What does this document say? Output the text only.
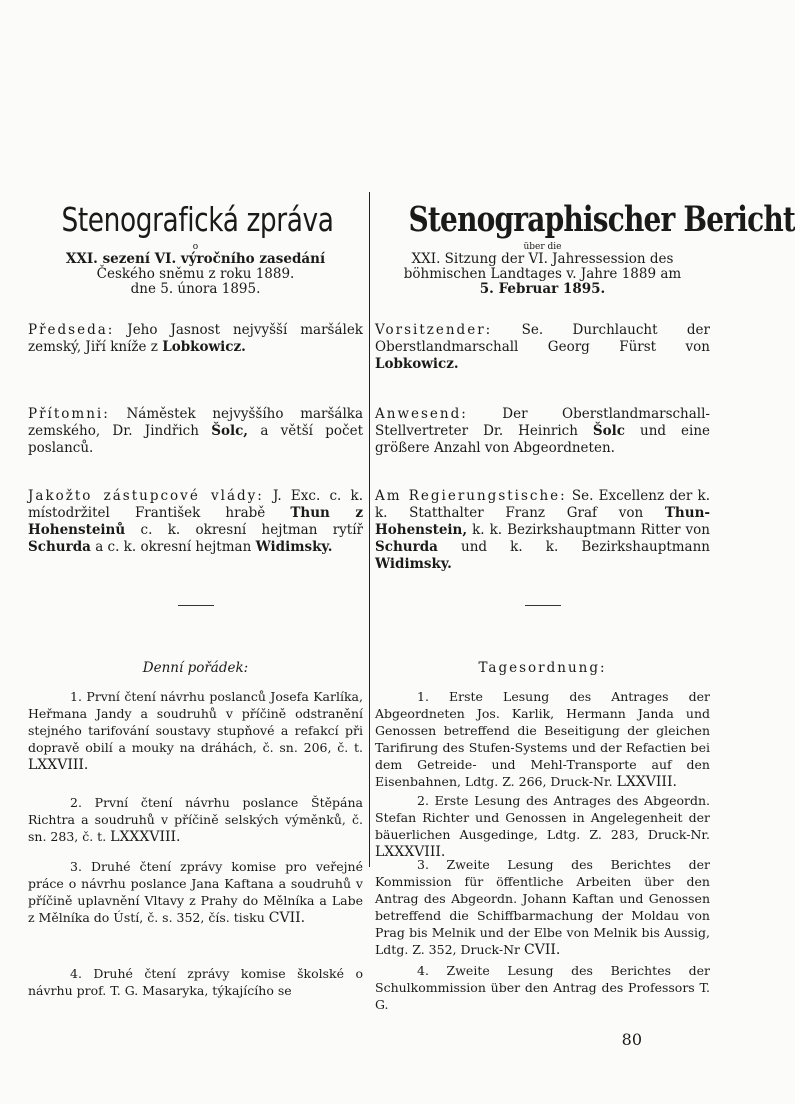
Stenografická zpráva
o
XXI. sezení VI. výročního zasedání
Českého sněmu z roku 1889.
dne 5. února 1895.
Předseda: Jeho Jasnost nejvyšší maršálek zemský, Jiří kníže z Lobkowicz.
Přítomni: Náměstek nejvyššího maršálka zemského, Dr. Jindřich Šolc, a větší počet poslanců.
Jakožto zástupcové vlády: J. Exc. c. k. místodržitel František hrabě Thun z Hohensteinů c. k. okresní hejtman rytíř Schurda a c. k. okresní hejtman Widimsky.
Denní pořádek:
1. První čtení návrhu poslanců Josefa Karlíka, Heřmana Jandy a soudruhů v příčině odstranění stejného tarifování soustavy stupňové a refakcí při dopravě obilí a mouky na dráhách, č. sn. 206, č. t. LXXVIII.
2. První čtení návrhu poslance Štěpána Richtra a soudruhů v příčině selských výměnků, č. sn. 283, č. t. LXXXVIII.
3. Druhé čtení zprávy komise pro veřejné práce o návrhu poslance Jana Kaftana a soudruhů v příčině uplavnění Vltavy z Prahy do Mělníka a Labe z Mělníka do Ústí, č. s. 352, čís. tisku CVII.
4. Druhé čtení zprávy komise školské o návrhu prof. T. G. Masaryka, týkajícího se
Stenographischer Bericht
über die
XXI. Sitzung der VI. Jahressession des
böhmischen Landtages v. Jahre 1889 am
5. Februar 1895.
Vorsitzender: Se. Durchlaucht der Oberstlandmarschall Georg Fürst von Lobkowicz.
Anwesend:	Der Oberstlandmarschall- Stellvertreter Dr. Heinrich Šolc und eine größere Anzahl von Abgeordneten.
Am Regierungstische: Se. Excellenz der k. k. Statthalter Franz Graf von Thun-Hohenstein, k. k. Bezirkshauptmann Ritter von Schurda und k. k. Bezirkshauptmann Widimsky.
Tagesordnung:
1. Erste Lesung des Antrages der Abgeordneten Jos. Karlik, Hermann Janda und Genossen betreffend die Beseitigung der gleichen Tarifirung des Stufen-Systems und der Refactien bei dem Getreide- und Mehl-Transporte auf den Eisenbahnen, Ldtg. Z. 266, Druck-Nr. LXXVIII.
2. Erste Lesung des Antrages des Abgeordn. Stefan Richter und Genossen in Angelegenheit der bäuerlichen Ausgedinge, Ldtg. Z. 283, Druck-Nr. LXXXVIII.
3. Zweite Lesung des Berichtes der Kommission für öffentliche Arbeiten über den Antrag des Abgeordn. Johann Kaftan und Genossen betreffend die Schiffbarmachung der Moldau von Prag bis Melnik und der Elbe von Melnik bis Aussig, Ldtg. Z. 352, Druck-Nr CVII.
4. Zweite Lesung des Berichtes der Schulkommission über den Antrag des Professors T. G.
80
